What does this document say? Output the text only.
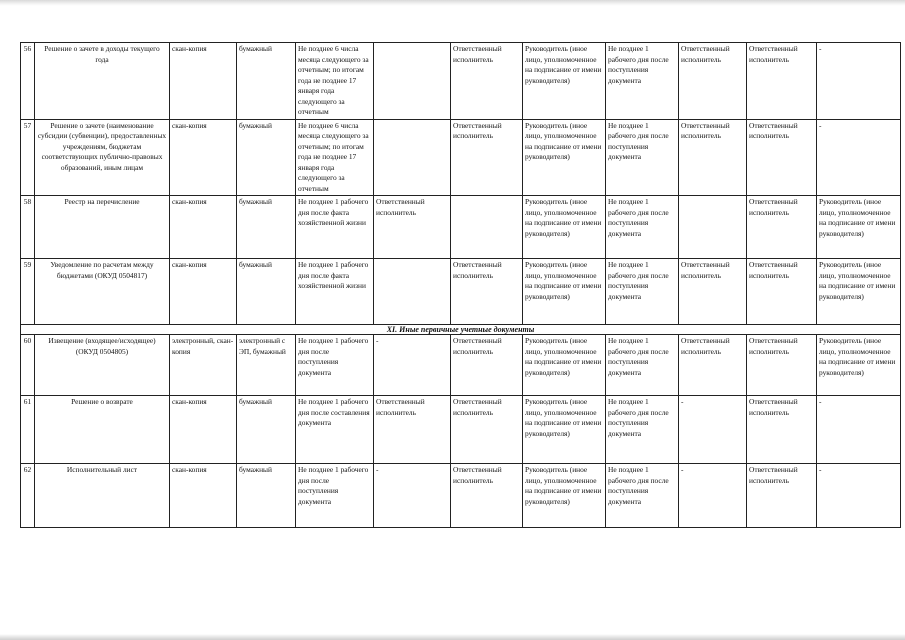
56	Решение о зачете в доходы текущего года	скан-копия	бумажный	Не позднее 6 числа месяца следующего за отчетным; по итогам года не позднее 17 января года следующего за отчетным		Ответственный исполнитель	Руководитель (иное лицо, уполномоченное на подписание от имени руководителя)	Не позднее 1 рабочего дня после поступления документа	Ответственный исполнитель	Ответственный исполнитель	-
57	Решение о зачете (наименование субсидии (субвенции), предоставленных учреждениям, бюджетам соответствующих публично-правовых образований, иным лицам	скан-копия	бумажный	Не позднее 6 числа месяца следующего за отчетным; по итогам года не позднее 17 января года следующего за отчетным		Ответственный исполнитель	Руководитель (иное лицо, уполномоченное на подписание от имени руководителя)	Не позднее 1 рабочего дня после поступления документа	Ответственный исполнитель	Ответственный исполнитель	-
58	Реестр на перечисление	скан-копия	бумажный	Не позднее 1 рабочего дня после факта хозяйственной жизни	Ответственный исполнитель		Руководитель (иное лицо, уполномоченное на подписание от имени руководителя)	Не позднее 1 рабочего дня после поступления документа		Ответственный исполнитель	Руководитель (иное лицо, уполномоченное на подписание от имени руководителя)
59	Уведомление по расчетам между бюджетами (ОКУД 0504817)	скан-копия	бумажный	Не позднее 1 рабочего дня после факта хозяйственной жизни		Ответственный исполнитель	Руководитель (иное лицо, уполномоченное на подписание от имени руководителя)	Не позднее 1 рабочего дня после поступления документа	Ответственный исполнитель	Ответственный исполнитель	Руководитель (иное лицо, уполномоченное на подписание от имени руководителя)
XI. Иные первичные учетные документы											
60	Извещение (входящее/исходящее) (ОКУД 0504805)	электронный, скан-копия	электронный с ЭП, бумажный	Не позднее 1 рабочего дня после поступления документа	-	Ответственный исполнитель	Руководитель (иное лицо, уполномоченное на подписание от имени руководителя)	Не позднее 1 рабочего дня после поступления документа	Ответственный исполнитель	Ответственный исполнитель	Руководитель (иное лицо, уполномоченное на подписание от имени руководителя)
61	Решение о возврате	скан-копия	бумажный	Не позднее 1 рабочего дня после составления документа	Ответственный исполнитель	Ответственный исполнитель	Руководитель (иное лицо, уполномоченное на подписание от имени руководителя)	Не позднее 1 рабочего дня после поступления документа	-	Ответственный исполнитель	-
62	Исполнительный лист	скан-копия	бумажный	Не позднее 1 рабочего дня после поступления документа	-	Ответственный исполнитель	Руководитель (иное лицо, уполномоченное на подписание от имени руководителя)	Не позднее 1 рабочего дня после поступления документа	-	Ответственный исполнитель	-
